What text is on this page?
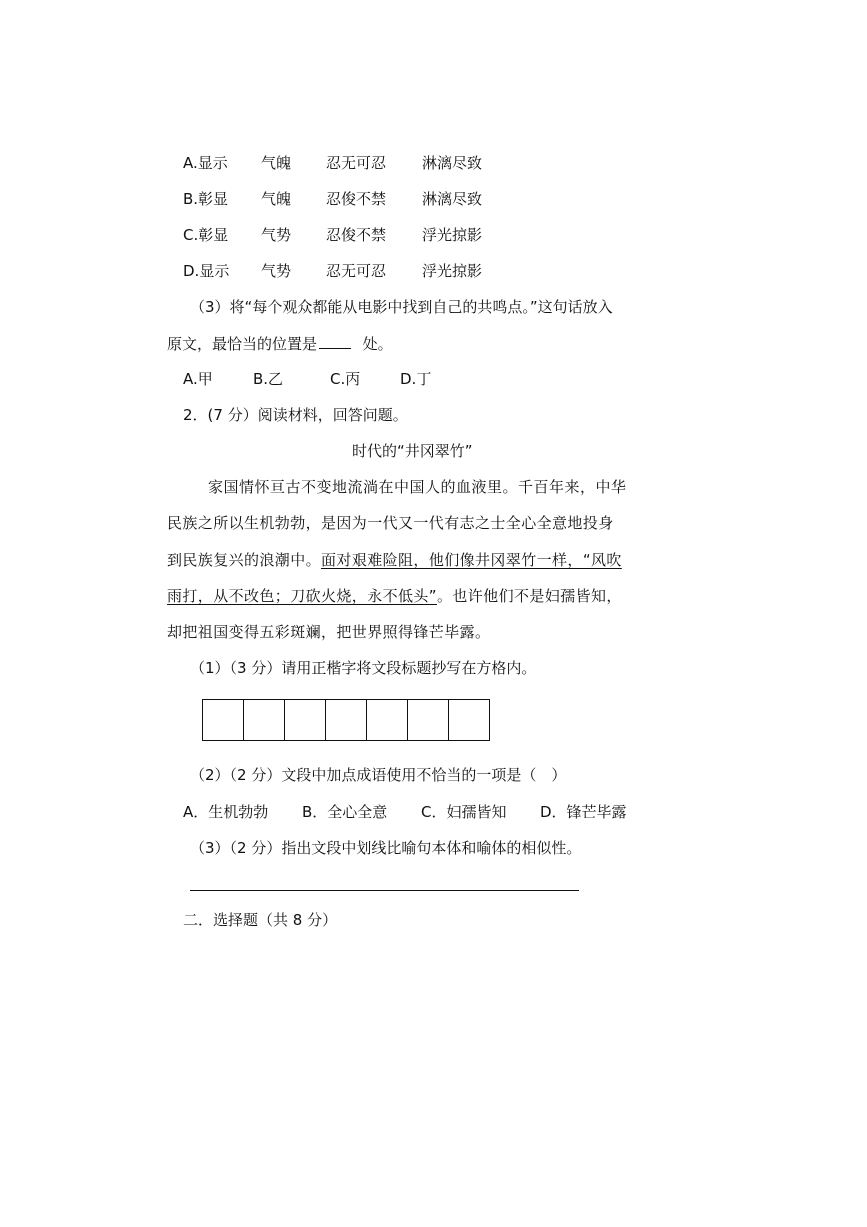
A.显示 气魄 忍无可忍 淋漓尽致
B.彰显 气魄 忍俊不禁 淋漓尽致
C.彰显 气势 忍俊不禁 浮光掠影
D.显示 气势 忍无可忍 浮光掠影
（3）将“每个观众都能从电影中找到自己的共鸣点。”这句话放入
原文，最恰当的位置是	处。
A.甲	B.乙	C.丙	D.丁
2．(7 分）阅读材料，回答问题。
时代的“井冈翠竹”
家国情怀亘古不变地流淌在中国人的血液里。千百年来，中华
民族之所以生机勃勃，是因为一代又一代有志之士全心全意地投身
到民族复兴的浪潮中。面对艰难险阻，他们像井冈翠竹一样，“风吹
雨打，从不改色；刀砍火烧，永不低头”。也许他们不是妇孺皆知，
却把祖国变得五彩斑斓，把世界照得锋芒毕露。
（1）（3 分）请用正楷字将文段标题抄写在方格内。
（2）（2 分）文段中加点成语使用不恰当的一项是（　）
A．生机勃勃 B．全心全意 C．妇孺皆知 D．锋芒毕露
（3）（2 分）指出文段中划线比喻句本体和喻体的相似性。
二．选择题（共 8 分）
